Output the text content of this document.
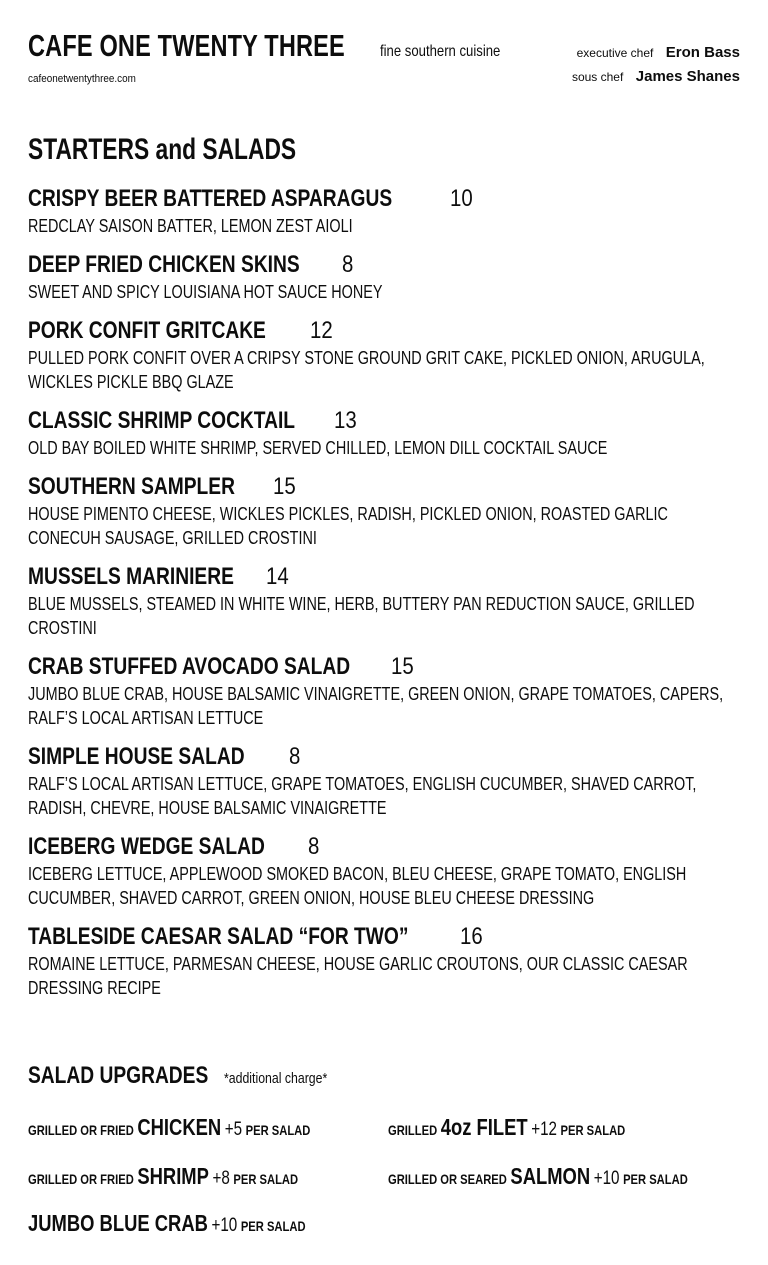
CAFE ONE TWENTY THREE	fine southern cuisine
cafeonetwentythree.com
executive chef Eron Bass
sous chef James Shanes
STARTERS and SALADS
CRISPY BEER BATTERED ASPARAGUS 10
REDCLAY SAISON BATTER, LEMON ZEST AIOLI
DEEP FRIED CHICKEN SKINS 8
SWEET AND SPICY LOUISIANA HOT SAUCE HONEY
PORK CONFIT GRITCAKE 12
PULLED PORK CONFIT OVER A CRIPSY STONE GROUND GRIT CAKE, PICKLED ONION, ARUGULA, WICKLES PICKLE BBQ GLAZE
CLASSIC SHRIMP COCKTAIL 13
OLD BAY BOILED WHITE SHRIMP, SERVED CHILLED, LEMON DILL COCKTAIL SAUCE
SOUTHERN SAMPLER 15
HOUSE PIMENTO CHEESE, WICKLES PICKLES, RADISH, PICKLED ONION, ROASTED GARLIC CONECUH SAUSAGE, GRILLED CROSTINI
MUSSELS MARINIERE 14
BLUE MUSSELS, STEAMED IN WHITE WINE, HERB, BUTTERY PAN REDUCTION SAUCE, GRILLED CROSTINI
CRAB STUFFED AVOCADO SALAD 15
JUMBO BLUE CRAB, HOUSE BALSAMIC VINAIGRETTE, GREEN ONION, GRAPE TOMATOES, CAPERS, RALF’S LOCAL ARTISAN LETTUCE
SIMPLE HOUSE SALAD 8
RALF’S LOCAL ARTISAN LETTUCE, GRAPE TOMATOES, ENGLISH CUCUMBER, SHAVED CARROT, RADISH, CHEVRE, HOUSE BALSAMIC VINAIGRETTE
ICEBERG WEDGE SALAD 8
ICEBERG LETTUCE, APPLEWOOD SMOKED BACON, BLEU CHEESE, GRAPE TOMATO, ENGLISH CUCUMBER, SHAVED CARROT, GREEN ONION, HOUSE BLEU CHEESE DRESSING
TABLESIDE CAESAR SALAD “FOR TWO” 16
ROMAINE LETTUCE, PARMESAN CHEESE, HOUSE GARLIC CROUTONS, OUR CLASSIC CAESAR DRESSING RECIPE
SALAD UPGRADES *additional charge*
GRILLED OR FRIED CHICKEN +5 PER SALAD	GRILLED 4oz FILET +12 PER SALAD
GRILLED OR FRIED SHRIMP +8 PER SALAD	GRILLED OR SEARED SALMON +10 PER SALAD
JUMBO BLUE CRAB +10 PER SALAD
